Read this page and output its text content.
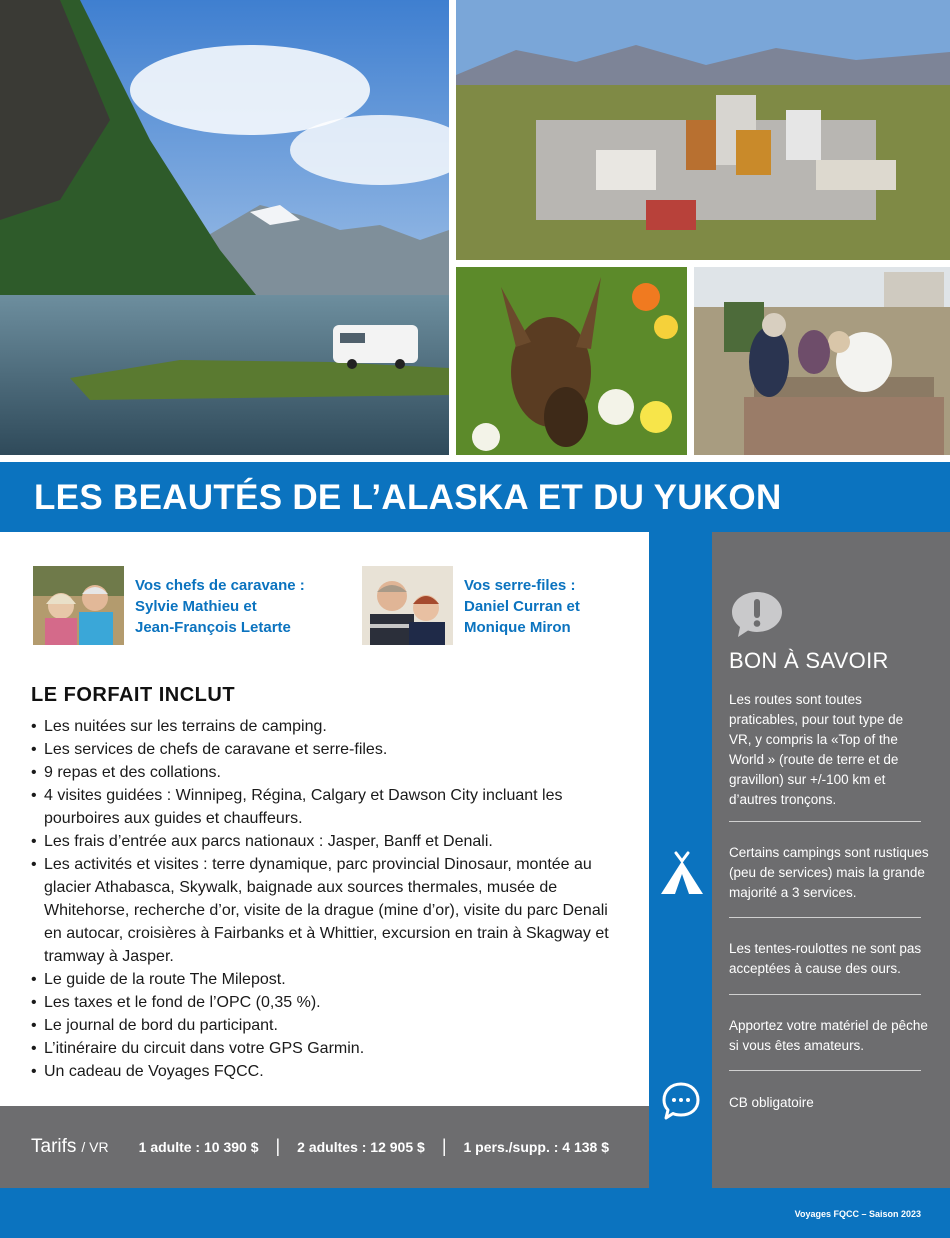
LES BEAUTÉS DE L’ALASKA ET DU YUKON
Vos chefs de caravane :
Sylvie Mathieu et
Jean-François Letarte
Vos serre-files :
Daniel Curran et
Monique Miron
LE FORFAIT INCLUT
• Les nuitées sur les terrains de camping.
• Les services de chefs de caravane et serre-files.
• 9 repas et des collations.
• 4 visites guidées : Winnipeg, Régina, Calgary et Dawson City incluant les pourboires aux guides et chauffeurs.
• Les frais d’entrée aux parcs nationaux : Jasper, Banff et Denali.
• Les activités et visites : terre dynamique, parc provincial Dinosaur, montée au glacier Athabasca, Skywalk, baignade aux sources thermales, musée de Whitehorse, recherche d’or, visite de la drague (mine d’or), visite du parc Denali en autocar, croisières à Fairbanks et à Whittier, excursion en train à Skagway et tramway à Jasper.
• Le guide de la route The Milepost.
• Les taxes et le fond de l’OPC (0,35 %).
• Le journal de bord du participant.
• L’itinéraire du circuit dans votre GPS Garmin.
• Un cadeau de Voyages FQCC.
Tarifs / VR 1 adulte : 10 390 $ | 2 adultes : 12 905 $ | 1 pers./supp. : 4 138 $
BON À SAVOIR
Les routes sont toutes praticables, pour tout type de VR, y compris la «Top of the World » (route de terre et de gravillon) sur +/-100 km et d’autres tronçons.
Certains campings sont rustiques (peu de services) mais la grande majorité a 3 services.
Les tentes-roulottes ne sont pas acceptées à cause des ours.
Apportez votre matériel de pêche si vous êtes amateurs.
CB obligatoire
Voyages FQCC – Saison 2023
